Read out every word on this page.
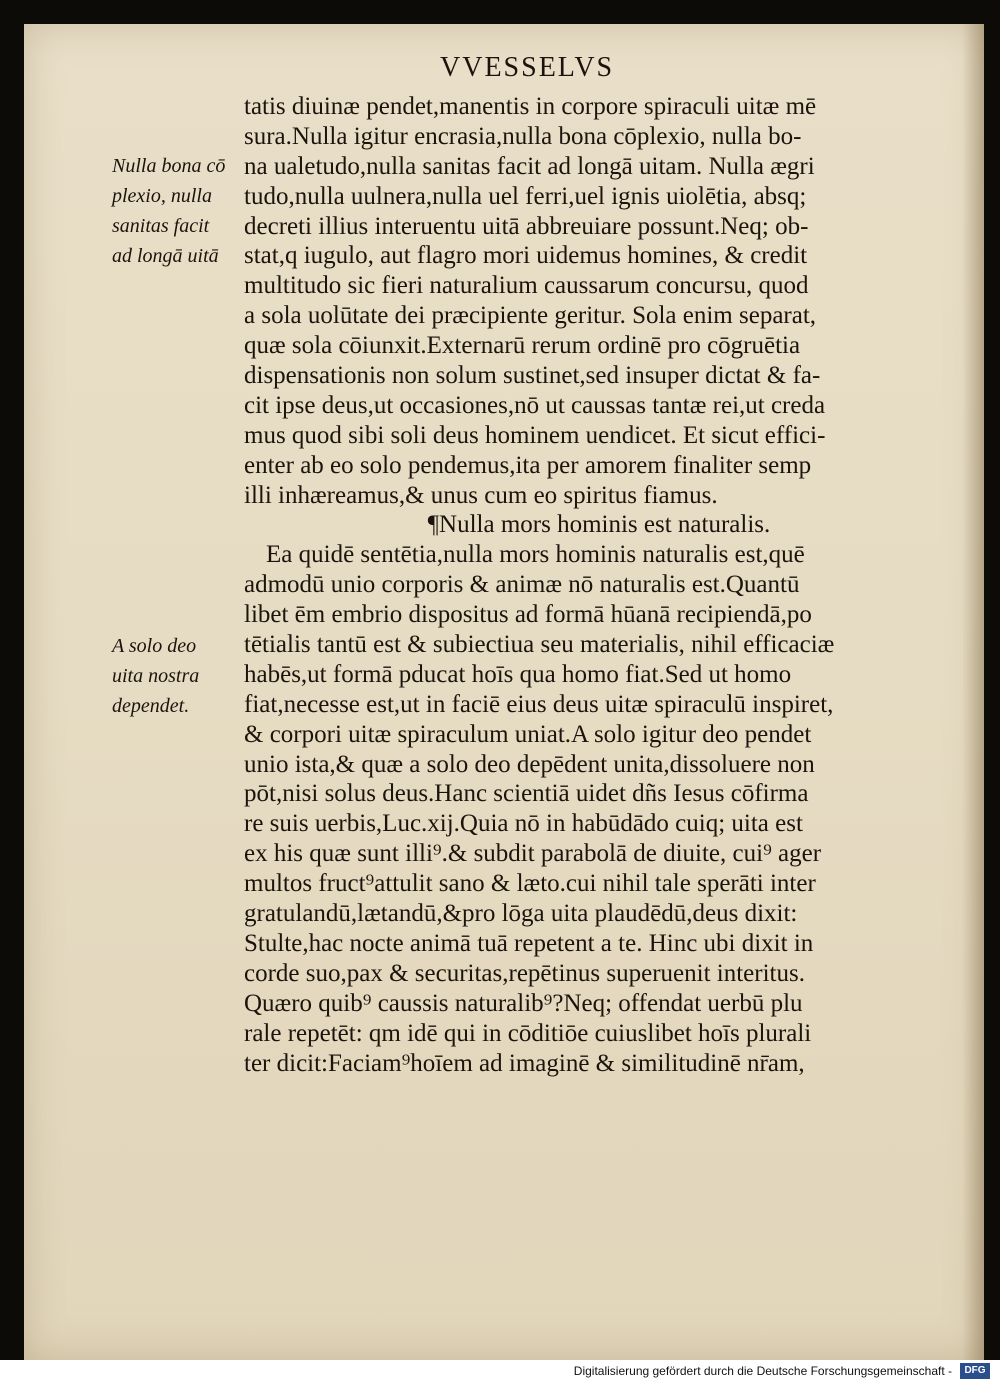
VVESSELVS
Nulla bona cō
plexio, nulla
sanitas facit
ad longā uitā
A solo deo
uita nostra
dependet.
tatis diuinæ pendet,manentis in corpore spiraculi uitæ mē
sura.Nulla igitur encrasia,nulla bona cōplexio, nulla bo-
na ualetudo,nulla sanitas facit ad longā uitam. Nulla ægri
tudo,nulla uulnera,nulla uel ferri,uel ignis uiolētia, absq;
decreti illius interuentu uitā abbreuiare possunt.Neq; ob-
stat,q iugulo, aut flagro mori uidemus homines, & credit
multitudo sic fieri naturalium caussarum concursu, quod
a sola uolūtate dei præcipiente geritur. Sola enim separat,
quæ sola cōiunxit.Externarū rerum ordinē pro cōgruētia
dispensationis non solum sustinet,sed insuper dictat & fa-
cit ipse deus,ut occasiones,nō ut caussas tantæ rei,ut creda
mus quod sibi soli deus hominem uendicet. Et sicut effici-
enter ab eo solo pendemus,ita per amorem finaliter semp
illi inhæreamus,& unus cum eo spiritus fiamus.
¶Nulla mors hominis est naturalis.
Ea quidē sentētia,nulla mors hominis naturalis est,quē
admodū unio corporis & animæ nō naturalis est.Quantū
libet ēm embrio dispositus ad formā hūanā recipiendā,po
tētialis tantū est & subiectiua seu materialis, nihil efficaciæ
habēs,ut formā pducat hoīs qua homo fiat.Sed ut homo
fiat,necesse est,ut in faciē eius deus uitæ spiraculū inspiret,
& corpori uitæ spiraculum uniat.A solo igitur deo pendet
unio ista,& quæ a solo deo depēdent unita,dissoluere non
pōt,nisi solus deus.Hanc scientiā uidet dñs Iesus cōfirma
re suis uerbis,Luc.xij.Quia nō in habūdādo cuiq; uita est
ex his quæ sunt illi⁹.& subdit parabolā de diuite, cui⁹ ager
multos fruct⁹attulit sano & læto.cui nihil tale sperāti inter
gratulandū,lætandū,&pro lōga uita plaudēdū,deus dixit:
Stulte,hac nocte animā tuā repetent a te. Hinc ubi dixit in
corde suo,pax & securitas,repētinus superuenit interitus.
Quæro quib⁹ caussis naturalib⁹?Neq; offendat uerbū plu
rale repetēt: qm idē qui in cōditiōe cuiuslibet hoīs plurali
ter dicit:Faciam⁹hoīem ad imaginē & similitudinē nr̄am,
Digitalisierung gefördert durch die Deutsche Forschungsgemeinschaft -	DFG
